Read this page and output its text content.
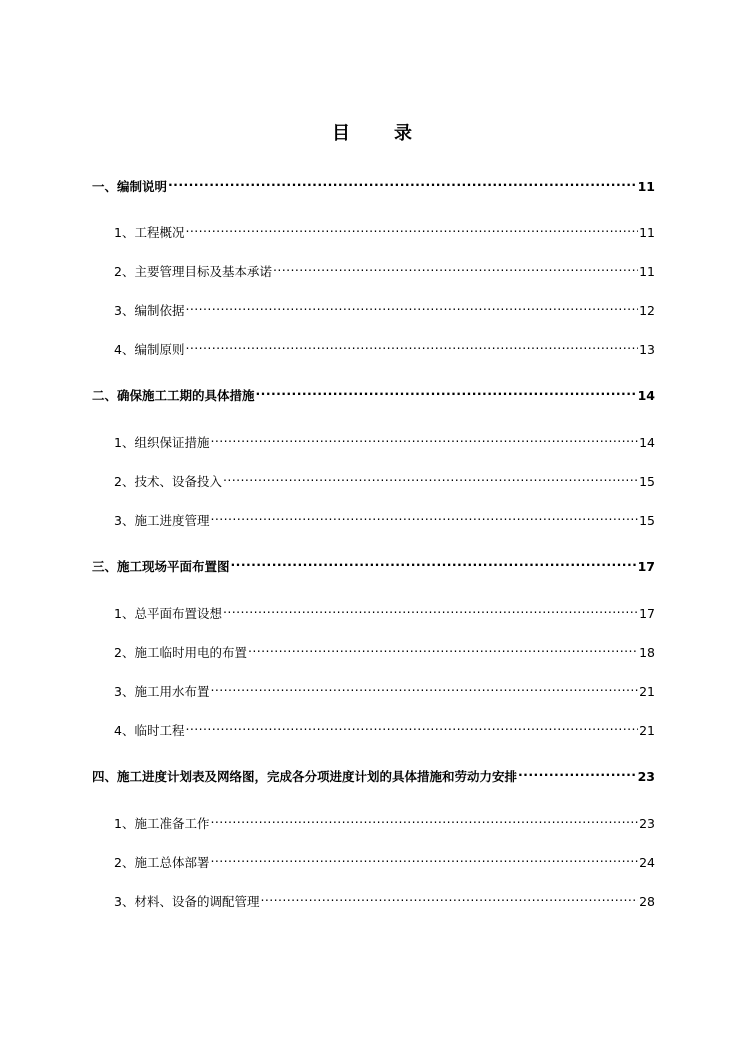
目 录
一、编制说明 .....	11
1、工程概况 .....	11
2、主要管理目标及基本承诺 .....	11
3、编制依据 .....	12
4、编制原则 .....	13
二、确保施工工期的具体措施 .....	14
1、组织保证措施 .....	14
2、技术、设备投入 .....	15
3、施工进度管理 .....	15
三、施工现场平面布置图 .....	17
1、总平面布置设想 .....	17
2、施工临时用电的布置 .....	18
3、施工用水布置 .....	21
4、临时工程 .....	21
四、施工进度计划表及网络图，完成各分项进度计划的具体措施和劳动力安排 .....	23
1、施工准备工作 .....	23
2、施工总体部署 .....	24
3、材料、设备的调配管理 .....	28
